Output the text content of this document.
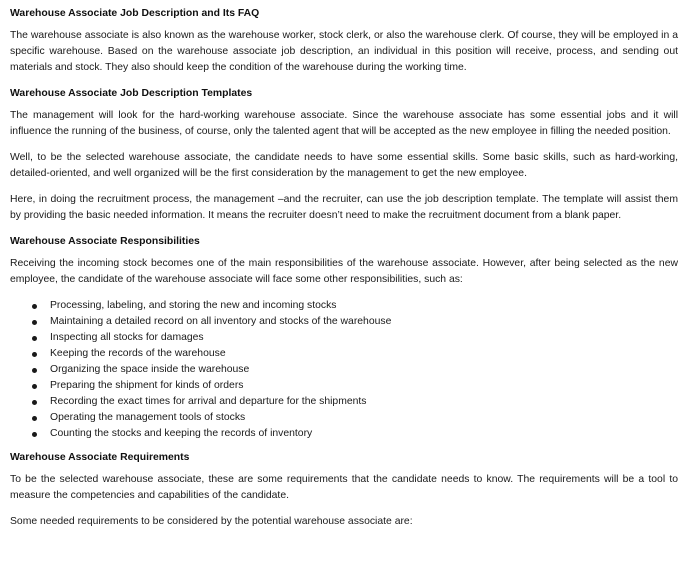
Warehouse Associate Job Description and Its FAQ

The warehouse associate is also known as the warehouse worker, stock clerk, or also the warehouse clerk. Of course, they will be employed in a specific warehouse. Based on the warehouse associate job description, an individual in this position will receive, process, and sending out materials and stock. They also should keep the condition of the warehouse during the working time.

Warehouse Associate Job Description Templates

The management will look for the hard-working warehouse associate. Since the warehouse associate has some essential jobs and it will influence the running of the business, of course, only the talented agent that will be accepted as the new employee in filling the needed position.

Well, to be the selected warehouse associate, the candidate needs to have some essential skills. Some basic skills, such as hard-working, detailed-oriented, and well organized will be the first consideration by the management to get the new employee.

Here, in doing the recruitment process, the management –and the recruiter, can use the job description template. The template will assist them by providing the basic needed information. It means the recruiter doesn’t need to make the recruitment document from a blank paper.

Warehouse Associate Responsibilities

Receiving the incoming stock becomes one of the main responsibilities of the warehouse associate. However, after being selected as the new employee, the candidate of the warehouse associate will face some other responsibilities, such as:

Processing, labeling, and storing the new and incoming stocks
Maintaining a detailed record on all inventory and stocks of the warehouse
Inspecting all stocks for damages
Keeping the records of the warehouse
Organizing the space inside the warehouse
Preparing the shipment for kinds of orders
Recording the exact times for arrival and departure for the shipments
Operating the management tools of stocks
Counting the stocks and keeping the records of inventory
Warehouse Associate Requirements

To be the selected warehouse associate, these are some requirements that the candidate needs to know. The requirements will be a tool to measure the competencies and capabilities of the candidate.

Some needed requirements to be considered by the potential warehouse associate are:
